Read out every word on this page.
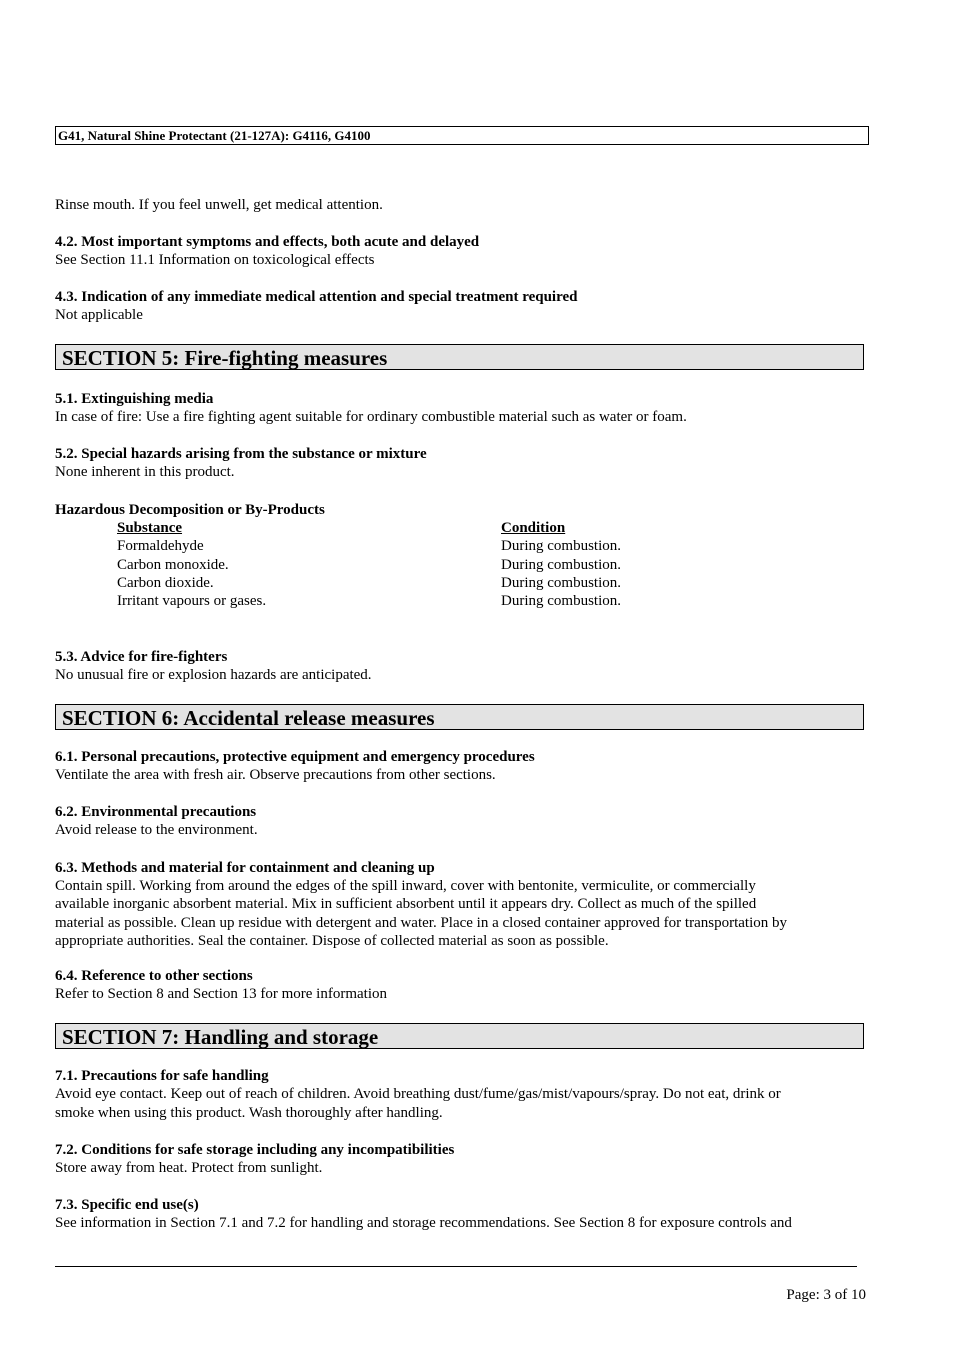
G41, Natural Shine Protectant (21-127A): G4116, G4100
Rinse mouth. If you feel unwell, get medical attention.
4.2. Most important symptoms and effects, both acute and delayed
See Section 11.1 Information on toxicological effects
4.3. Indication of any immediate medical attention and special treatment required
Not applicable
SECTION 5: Fire-fighting measures
5.1. Extinguishing media
In case of fire: Use a fire fighting agent suitable for ordinary combustible material such as water or foam.
5.2. Special hazards arising from the substance or mixture
None inherent in this product.
Hazardous Decomposition or By-Products
Substance	Condition
Formaldehyde	During combustion.
Carbon monoxide.	During combustion.
Carbon dioxide.	During combustion.
Irritant vapours or gases.	During combustion.
5.3. Advice for fire-fighters
No unusual fire or explosion hazards are anticipated.
SECTION 6: Accidental release measures
6.1. Personal precautions, protective equipment and emergency procedures
Ventilate the area with fresh air. Observe precautions from other sections.
6.2. Environmental precautions
Avoid release to the environment.
6.3. Methods and material for containment and cleaning up
Contain spill. Working from around the edges of the spill inward, cover with bentonite, vermiculite, or commercially
available inorganic absorbent material. Mix in sufficient absorbent until it appears dry. Collect as much of the spilled
material as possible. Clean up residue with detergent and water. Place in a closed container approved for transportation by
appropriate authorities. Seal the container. Dispose of collected material as soon as possible.
6.4. Reference to other sections
Refer to Section 8 and Section 13 for more information
SECTION 7: Handling and storage
7.1. Precautions for safe handling
Avoid eye contact. Keep out of reach of children. Avoid breathing dust/fume/gas/mist/vapours/spray. Do not eat, drink or
smoke when using this product. Wash thoroughly after handling.
7.2. Conditions for safe storage including any incompatibilities
Store away from heat. Protect from sunlight.
7.3. Specific end use(s)
See information in Section 7.1 and 7.2 for handling and storage recommendations. See Section 8 for exposure controls and
Page: 3 of 10
